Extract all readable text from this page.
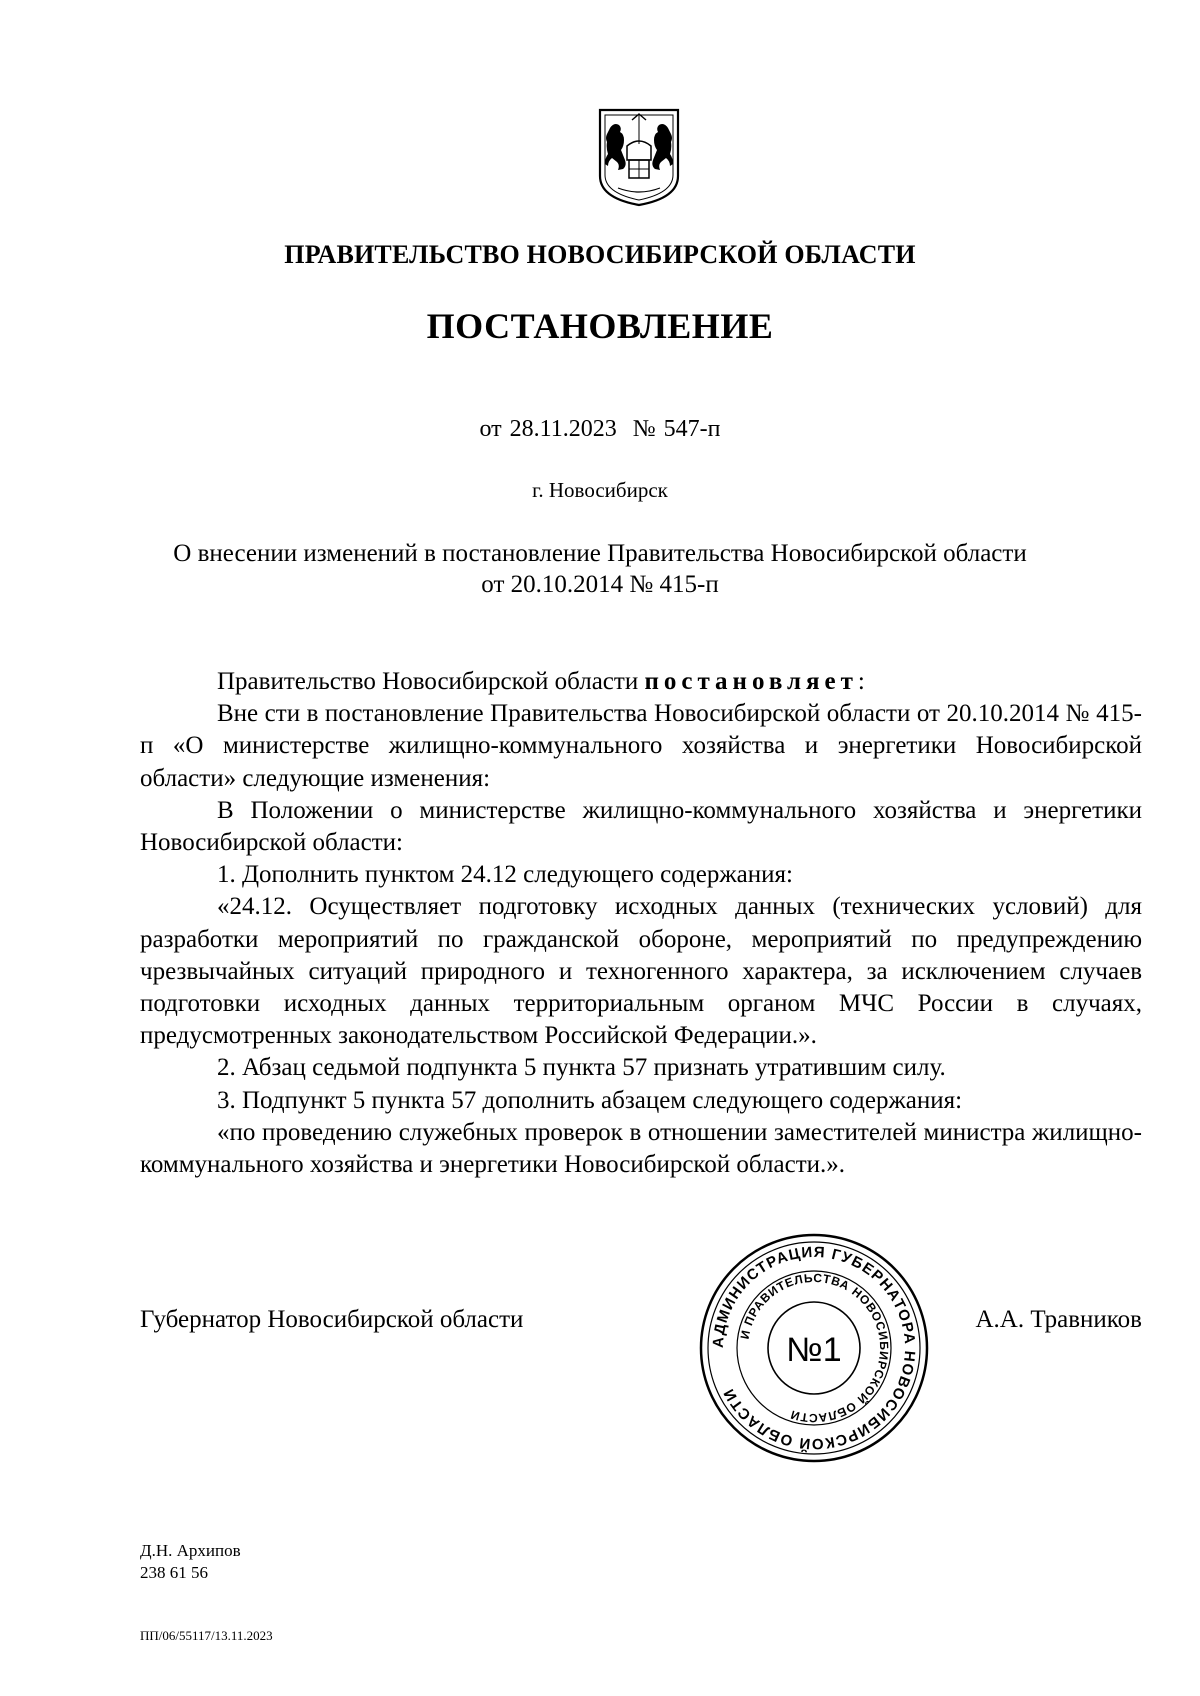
ПРАВИТЕЛЬСТВО НОВОСИБИРСКОЙ ОБЛАСТИ
ПОСТАНОВЛЕНИЕ
от 28.11.2023  № 547-п
г. Новосибирск
О внесении изменений в постановление Правительства Новосибирской области
от 20.10.2014 № 415-п

Правительство Новосибирской области постановляет:

Вне сти в постановление Правительства Новосибирской области от 20.10.2014 № 415-п «О министерстве жилищно-коммунального хозяйства и энергетики Новосибирской области» следующие изменения:

В Положении о министерстве жилищно-коммунального хозяйства и энергетики Новосибирской области:

1. Дополнить пунктом 24.12 следующего содержания:

«24.12. Осуществляет подготовку исходных данных (технических условий) для разработки мероприятий по гражданской обороне, мероприятий по предупреждению чрезвычайных ситуаций природного и техногенного характера, за исключением случаев подготовки исходных данных территориальным органом МЧС России в случаях, предусмотренных законодательством Российской Федерации.».

2. Абзац седьмой подпункта 5 пункта 57 признать утратившим силу.

3. Подпункт 5 пункта 57 дополнить абзацем следующего содержания:

«по проведению служебных проверок в отношении заместителей министра жилищно-коммунального хозяйства и энергетики Новосибирской области.».

Губернатор Новосибирской области	А.А. Травников
АДМИНИСТРАЦИЯ ГУБЕРНАТОРА НОВОСИБИРСКОЙ ОБЛАСТИ
И ПРАВИТЕЛЬСТВА НОВОСИБИРСКОЙ ОБЛАСТИ
№1
Д.Н. Архипов
238 61 56
ПП/06/55117/13.11.2023
